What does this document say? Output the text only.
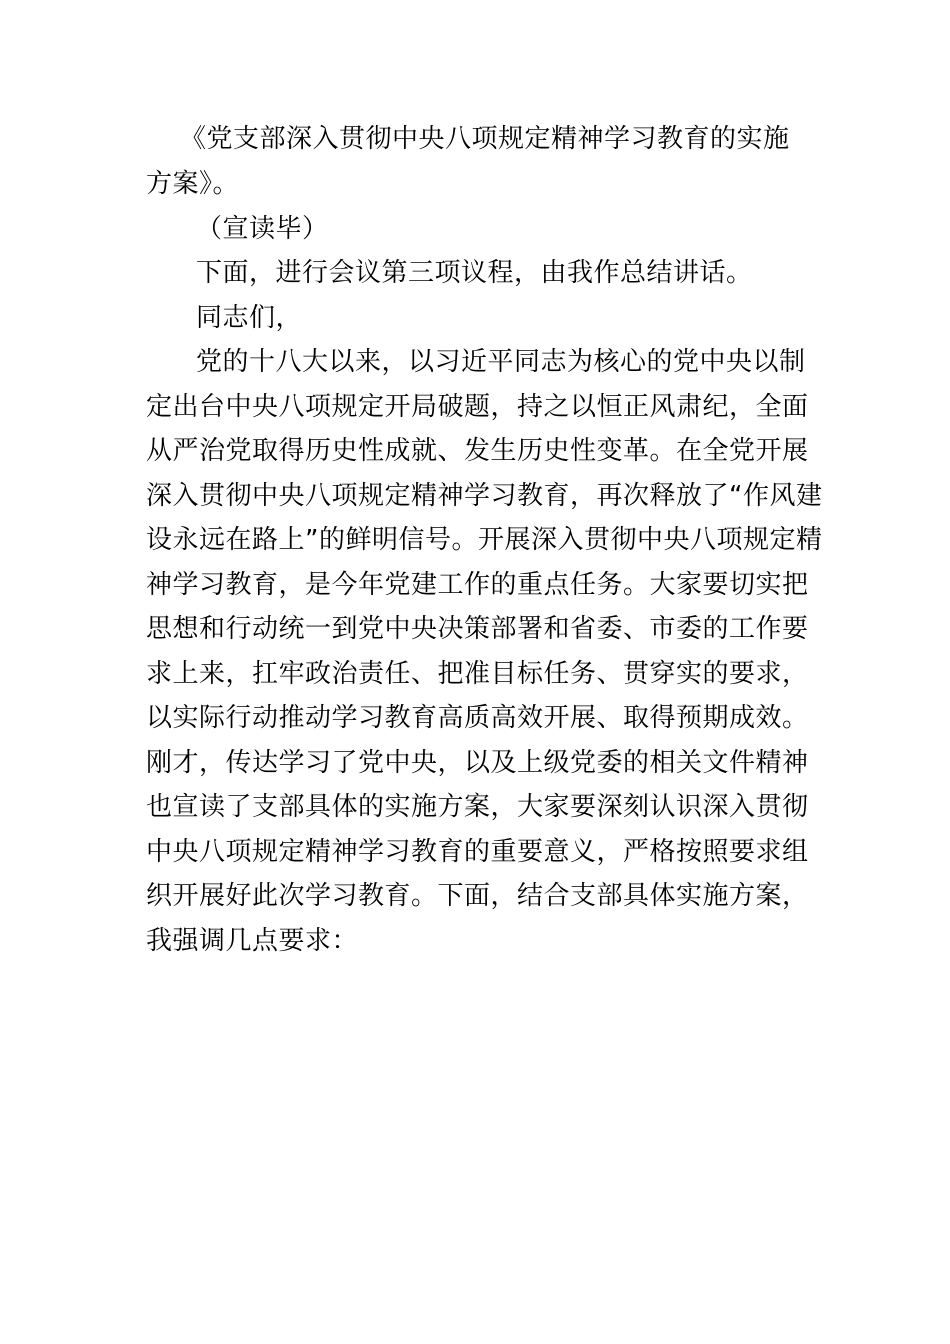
《党支部深入贯彻中央八项规定精神学习教育的实施
方案》。
（宣读毕）
下面，进行会议第三项议程，由我作总结讲话。
同志们，
党的十八大以来，以习近平同志为核心的党中央以制
定出台中央八项规定开局破题，持之以恒正风肃纪，全面
从严治党取得历史性成就、发生历史性变革。在全党开展
深入贯彻中央八项规定精神学习教育，再次释放了“作风建
设永远在路上”的鲜明信号。开展深入贯彻中央八项规定精
神学习教育，是今年党建工作的重点任务。大家要切实把
思想和行动统一到党中央决策部署和省委、市委的工作要
求上来，扛牢政治责任、把准目标任务、贯穿实的要求，
以实际行动推动学习教育高质高效开展、取得预期成效。
刚才，传达学习了党中央，以及上级党委的相关文件精神
也宣读了支部具体的实施方案，大家要深刻认识深入贯彻
中央八项规定精神学习教育的重要意义，严格按照要求组
织开展好此次学习教育。下面，结合支部具体实施方案，
我强调几点要求：
